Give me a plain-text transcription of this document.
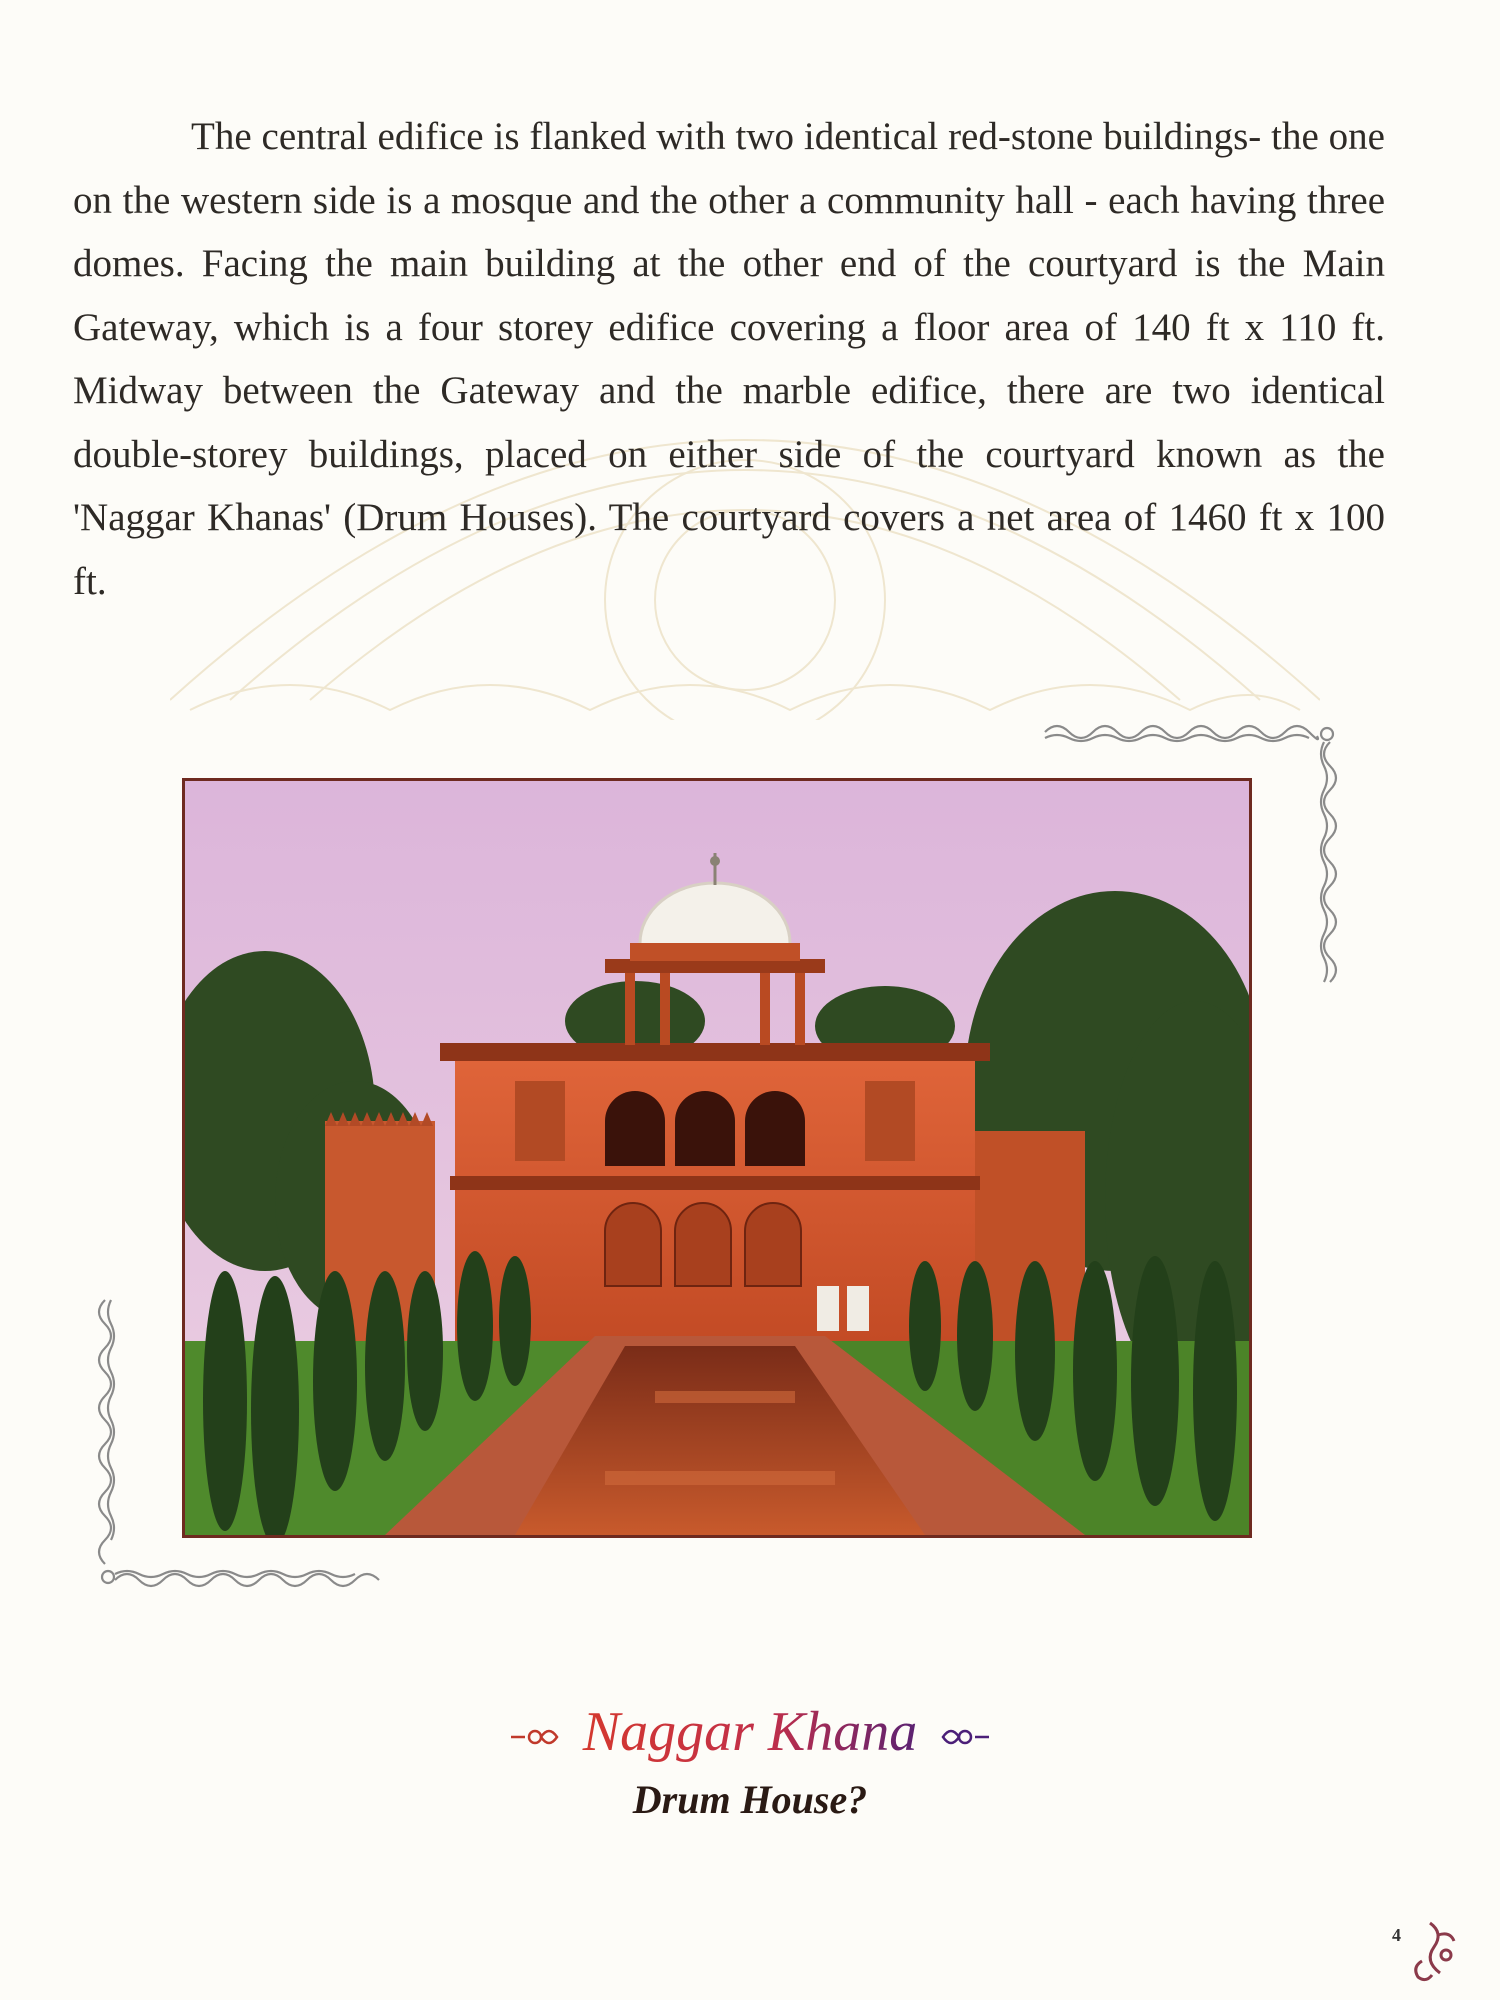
The central edifice is flanked with two identical red-stone buildings- the one on the western side is a mosque and the other a community hall - each having three domes. Facing the main building at the other end of the courtyard is the Main Gateway, which is a four storey edifice covering a floor area of 140 ft x 110 ft. Midway between the Gateway and the marble edifice, there are two identical double-storey buildings, placed on either side of the courtyard known as the 'Naggar Khanas' (Drum Houses). The courtyard covers a net area of 1460 ft x 100 ft.

Naggar Khana
Drum House?
4
